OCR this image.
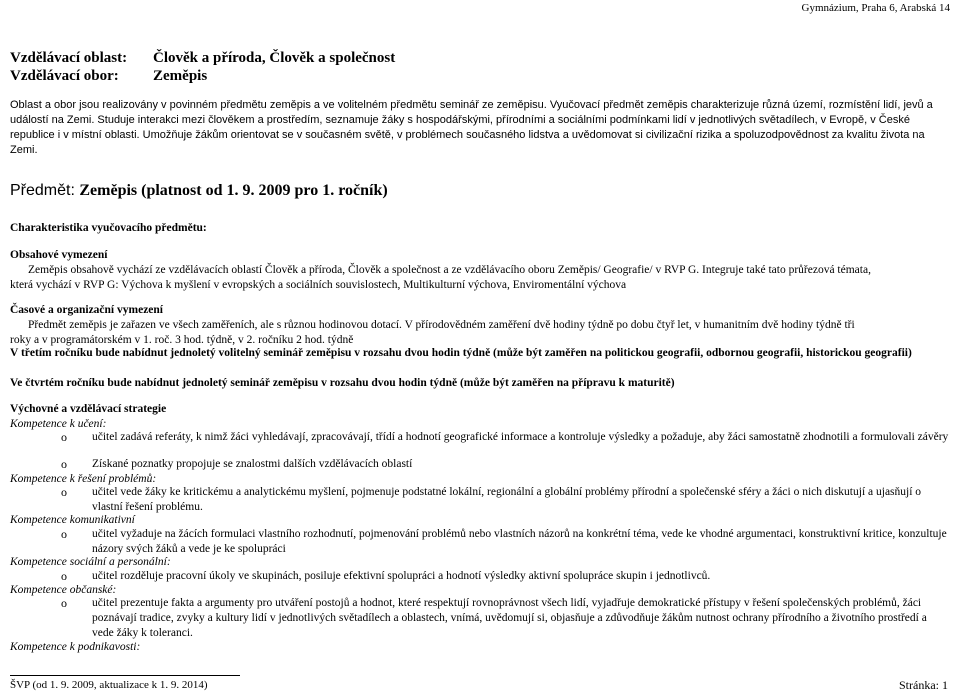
Gymnázium, Praha 6, Arabská 14
Vzdělávací oblast:	Člověk a příroda, Člověk a společnost
Vzdělávací obor:	Zeměpis
Oblast a obor jsou realizovány v povinném předmětu zeměpis a ve volitelném předmětu seminář ze zeměpisu. Vyučovací předmět zeměpis charakterizuje různá území, rozmístění lidí, jevů a událostí na Zemi. Studuje interakci mezi člověkem a prostředím, seznamuje žáky s hospodářskými, přírodními a sociálními podmínkami lidí v jednotlivých světadílech, v Evropě, v České republice i v místní oblasti. Umožňuje žákům orientovat se v současném světě, v problémech současného lidstva a uvědomovat si civilizační rizika a spoluzodpovědnost za kvalitu života na Zemi.
Předmět: Zeměpis (platnost od 1. 9. 2009 pro 1. ročník)
Charakteristika vyučovacího předmětu:
Obsahové vymezení
Zeměpis obsahově vychází ze vzdělávacích oblastí Člověk a příroda, Člověk a společnost a ze vzdělávacího oboru Zeměpis/ Geografie/ v RVP G. Integruje také tato průřezová témata,
která vychází v RVP G: Výchova k myšlení v evropských a sociálních souvislostech, Multikulturní výchova, Enviromentální výchova
Časové a organizační vymezení
Předmět zeměpis je zařazen ve všech zaměřeních, ale s různou hodinovou dotací. V přírodovědném zaměření dvě hodiny týdně po dobu čtyř let, v humanitním dvě hodiny týdně tři
roky a v programátorském v 1. roč. 3 hod. týdně, v 2. ročníku 2 hod. týdně
V třetím ročníku bude nabídnut jednoletý volitelný seminář zeměpisu v rozsahu dvou hodin týdně (může být zaměřen na politickou geografii, odbornou geografii, historickou geografii)
Ve čtvrtém ročníku bude nabídnut jednoletý seminář zeměpisu v rozsahu dvou hodin týdně (může být zaměřen na přípravu k maturitě)
Výchovné a vzdělávací strategie
Kompetence k učení:
o učitel zadává referáty, k nimž žáci vyhledávají, zpracovávají, třídí a hodnotí geografické informace a kontroluje výsledky a požaduje, aby žáci samostatně zhodnotili a formulovali závěry
o Získané poznatky propojuje se znalostmi dalších vzdělávacích oblastí
Kompetence k řešení problémů:
o učitel vede žáky ke kritickému a analytickému myšlení, pojmenuje podstatné lokální, regionální a globální problémy přírodní a společenské sféry a žáci o nich diskutují a ujasňují o vlastní řešení problému.
Kompetence komunikativní
o učitel vyžaduje na žácích formulaci vlastního rozhodnutí, pojmenování problémů nebo vlastních názorů na konkrétní téma, vede ke vhodné argumentaci, konstruktivní kritice, konzultuje názory svých žáků a vede je ke spolupráci
Kompetence sociální a personální:
o učitel rozděluje pracovní úkoly ve skupinách, posiluje efektivní spolupráci a hodnotí výsledky aktivní spolupráce skupin i jednotlivců.
Kompetence občanské:
o učitel prezentuje fakta a argumenty pro utváření postojů a hodnot, které respektují rovnoprávnost všech lidí, vyjadřuje demokratické přístupy v řešení společenských problémů, žáci poznávají tradice, zvyky a kultury lidí v jednotlivých světadílech a oblastech, vnímá, uvědomují si, objasňuje a zdůvodňuje žákům nutnost ochrany přírodního a životního prostředí a vede žáky k toleranci.
Kompetence k podnikavosti:
ŠVP (od 1. 9. 2009, aktualizace k 1. 9. 2014)	Stránka: 1
